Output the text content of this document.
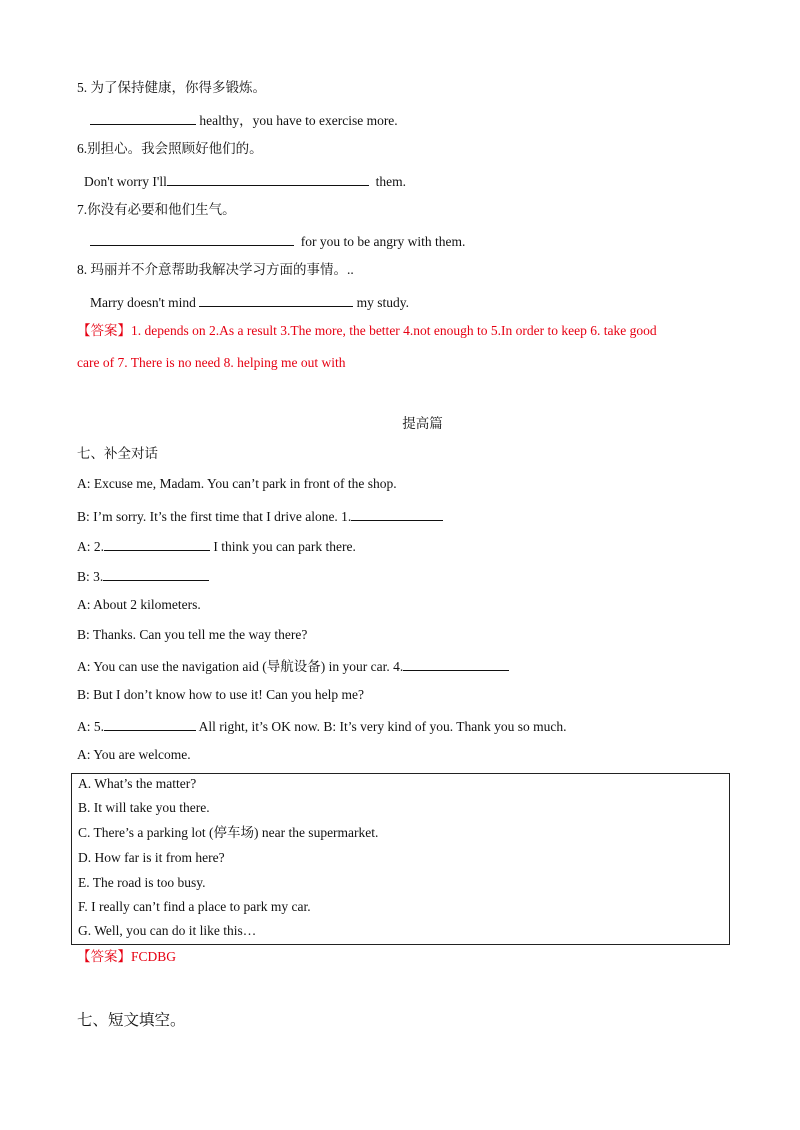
5. 为了保持健康，你得多锻炼。
healthy，you have to exercise more.
6.别担心。我会照顾好他们的。
Don't worry I'll	them.
7.你没有必要和他们生气。
for you to be angry with them.
8. 玛丽并不介意帮助我解决学习方面的事情。..
Marry doesn't mind	my study.
【答案】1. depends on 2.As a result 3.The more, the better 4.not enough to 5.In order to keep 6. take good
care of 7. There is no need 8. helping me out with
提高篇
七、补全对话
A: Excuse me, Madam. You can’t park in front of the shop.
B: I’m sorry. It’s the first time that I drive alone. 1.
A: 2.	I think you can park there.
B: 3.
A: About 2 kilometers.
B: Thanks. Can you tell me the way there?
A: You can use the navigation aid (导航设备) in your car. 4.
B: But I don’t know how to use it! Can you help me?
A: 5.	All right, it’s OK now. B: It’s very kind of you. Thank you so much.
A: You are welcome.
A. What’s the matter?
B. It will take you there.
C. There’s a parking lot (停车场) near the supermarket.
D. How far is it from here?
E. The road is too busy.
F. I really can’t find a place to park my car.
G. Well, you can do it like this…
【答案】FCDBG
七、短文填空。
